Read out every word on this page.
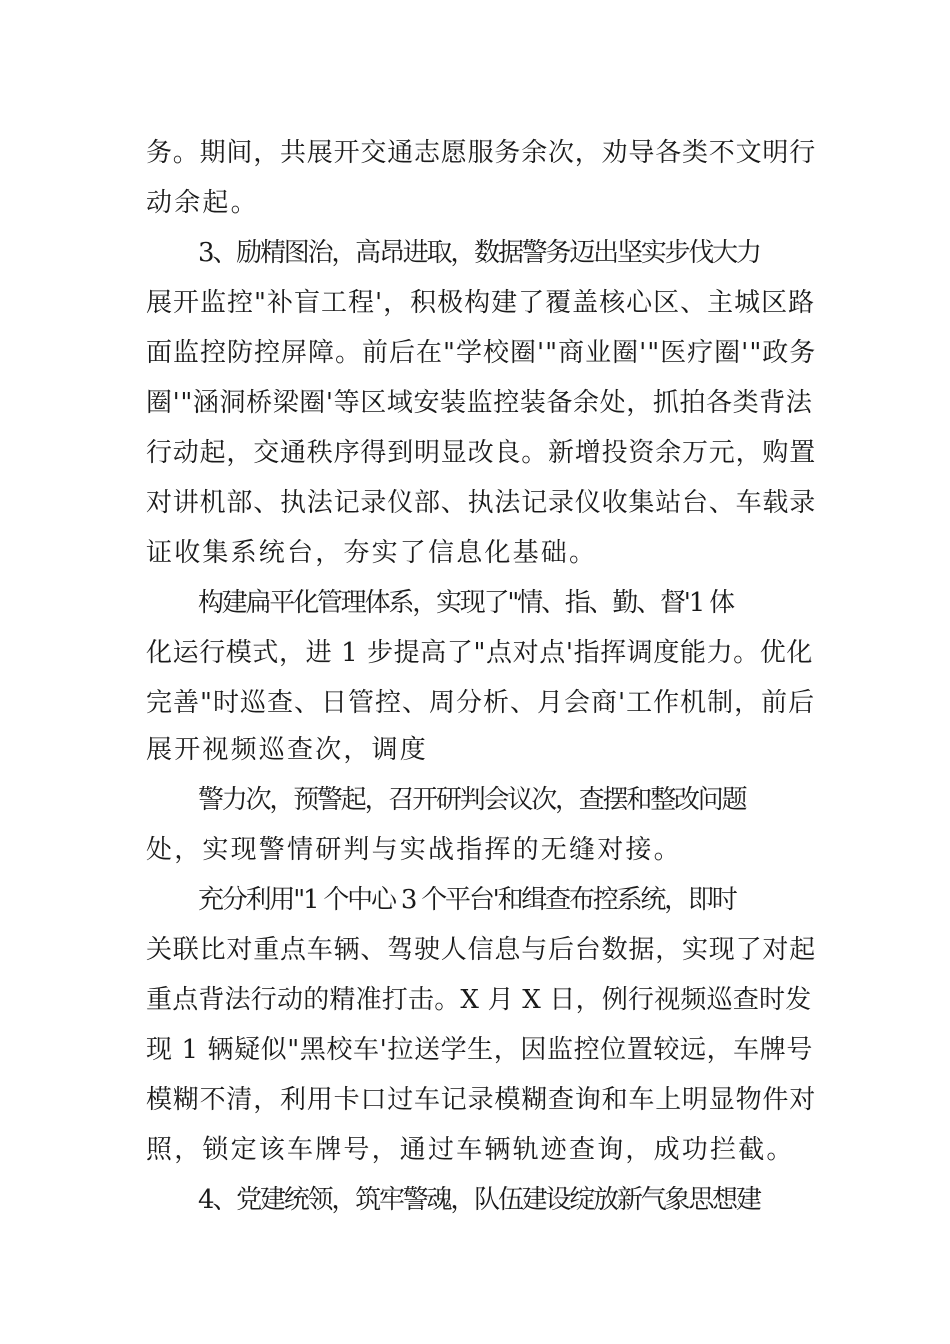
务。期间，共展开交通志愿服务余次，劝导各类不文明行
动余起。
3、励精图治，高昂进取，数据警务迈出坚实步伐大力
展开监控"补盲工程'，积极构建了覆盖核心区、主城区路
面监控防控屏障。前后在"学校圈'"商业圈'"医疗圈'"政务
圈'"涵洞桥梁圈'等区域安装监控装备余处，抓拍各类背法
行动起，交通秩序得到明显改良。新增投资余万元，购置
对讲机部、执法记录仪部、执法记录仪收集站台、车载录
证收集系统台，夯实了信息化基础。
构建扁平化管理体系，实现了"情、指、勤、督'1 体
化运行模式，进 1 步提高了"点对点'指挥调度能力。优化
完善"时巡查、日管控、周分析、月会商'工作机制，前后
展开视频巡查次，调度
警力次，预警起，召开研判会议次，查摆和整改问题
处，实现警情研判与实战指挥的无缝对接。
充分利用"1 个中心 3 个平台'和缉查布控系统，即时
关联比对重点车辆、驾驶人信息与后台数据，实现了对起
重点背法行动的精准打击。X 月 X 日，例行视频巡查时发
现 1 辆疑似"黑校车'拉送学生，因监控位置较远，车牌号
模糊不清，利用卡口过车记录模糊查询和车上明显物件对
照，锁定该车牌号，通过车辆轨迹查询，成功拦截。
4、党建统领，筑牢警魂，队伍建设绽放新气象思想建
